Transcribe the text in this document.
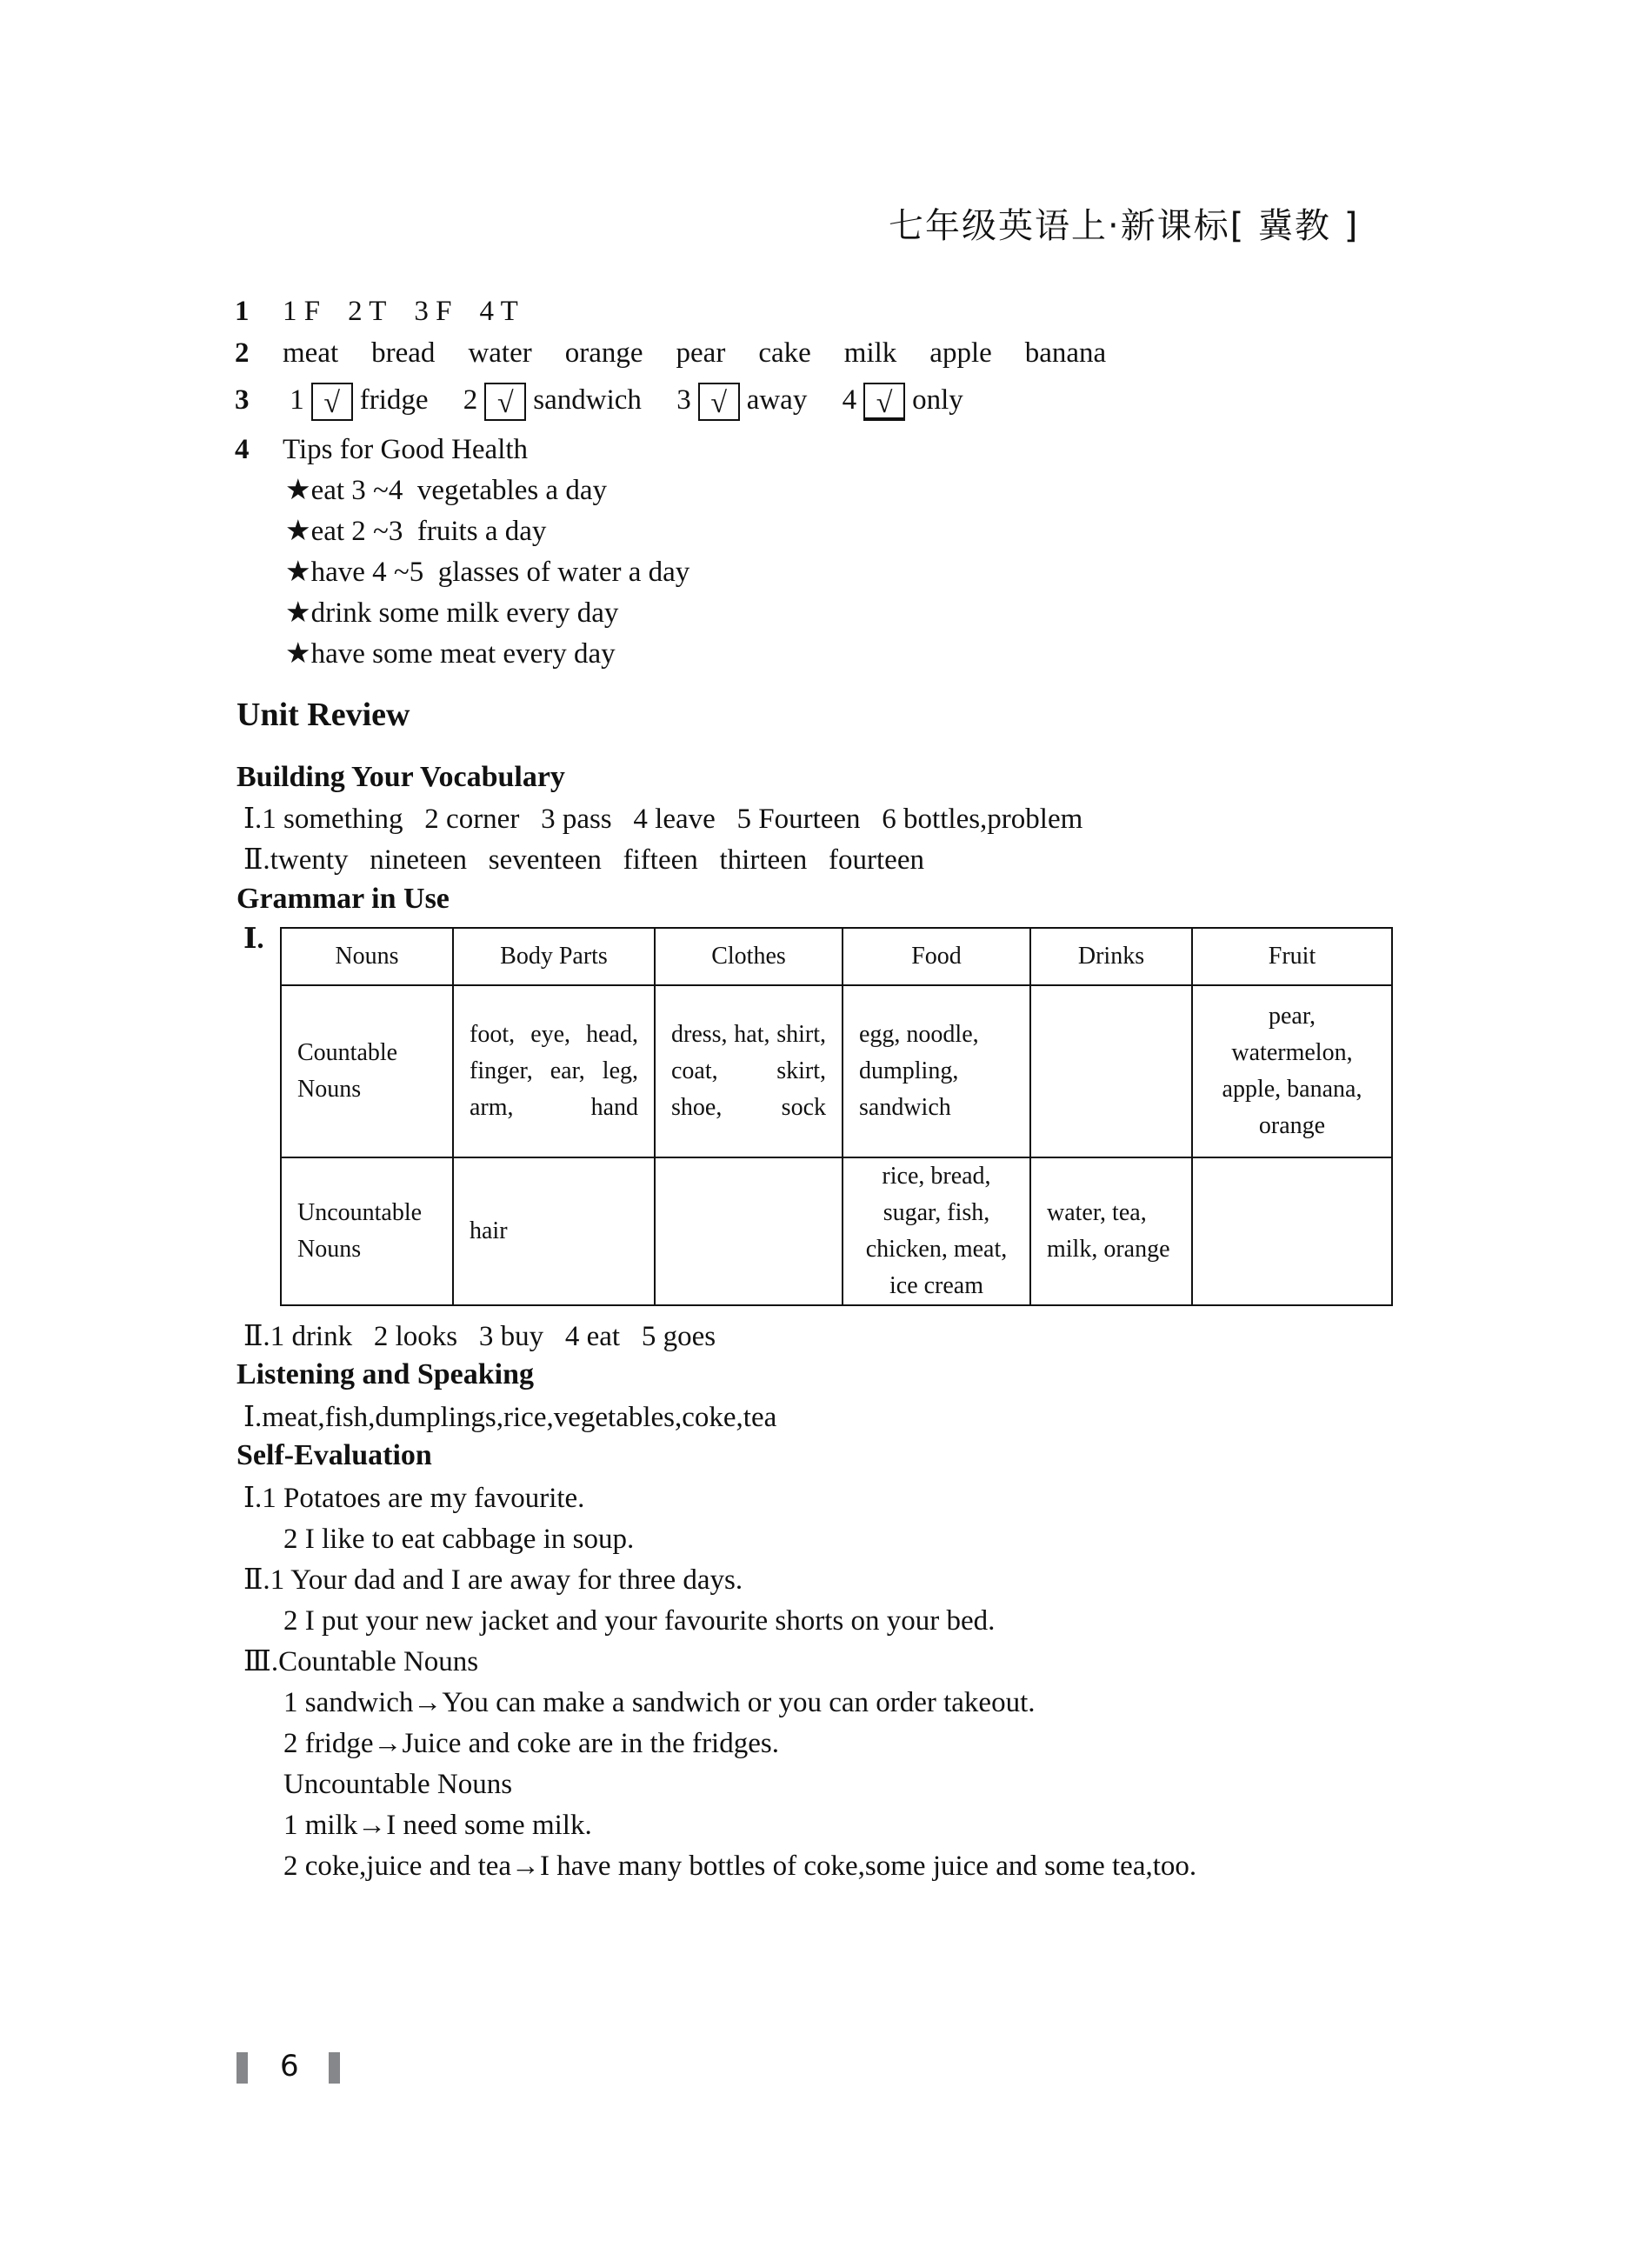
七年级英语上·新课标[ 冀教 ]
1 1 F 2 T 3 F 4 T
2 meat bread water orange pear cake milk apple banana
3 1 √ fridge 2 √ sandwich 3 √ away 4 √ only
4 Tips for Good Health
★eat 3 ~4  vegetables a day
★eat 2 ~3  fruits a day
★have 4 ~5  glasses of water a day
★drink some milk every day
★have some meat every day
Unit Review
Building Your Vocabulary
Ⅰ.1 something   2 corner   3 pass   4 leave   5 Fourteen   6 bottles,problem
Ⅱ.twenty   nineteen   seventeen   fifteen   thirteen   fourteen
Grammar in Use
Ⅰ.
Nouns	Body Parts	Clothes	Food	Drinks	Fruit
Countable Nouns	foot, eye, head, finger, ear, leg, arm, hand	dress, hat, shirt, coat, skirt, shoe, sock	egg, noodle, dumpling, sandwich		pear, watermelon, apple, banana, orange
Uncountable Nouns	hair		rice, bread, sugar, fish, chicken, meat, ice cream	water, tea, milk, orange	
Ⅱ.1 drink   2 looks   3 buy   4 eat   5 goes
Listening and Speaking
Ⅰ.meat,fish,dumplings,rice,vegetables,coke,tea
Self-Evaluation
Ⅰ.1 Potatoes are my favourite.
2 I like to eat cabbage in soup.
Ⅱ.1 Your dad and I are away for three days.
2 I put your new jacket and your favourite shorts on your bed.
Ⅲ.Countable Nouns
1 sandwich→You can make a sandwich or you can order takeout.
2 fridge→Juice and coke are in the fridges.
Uncountable Nouns
1 milk→I need some milk.
2 coke,juice and tea→I have many bottles of coke,some juice and some tea,too.
6
